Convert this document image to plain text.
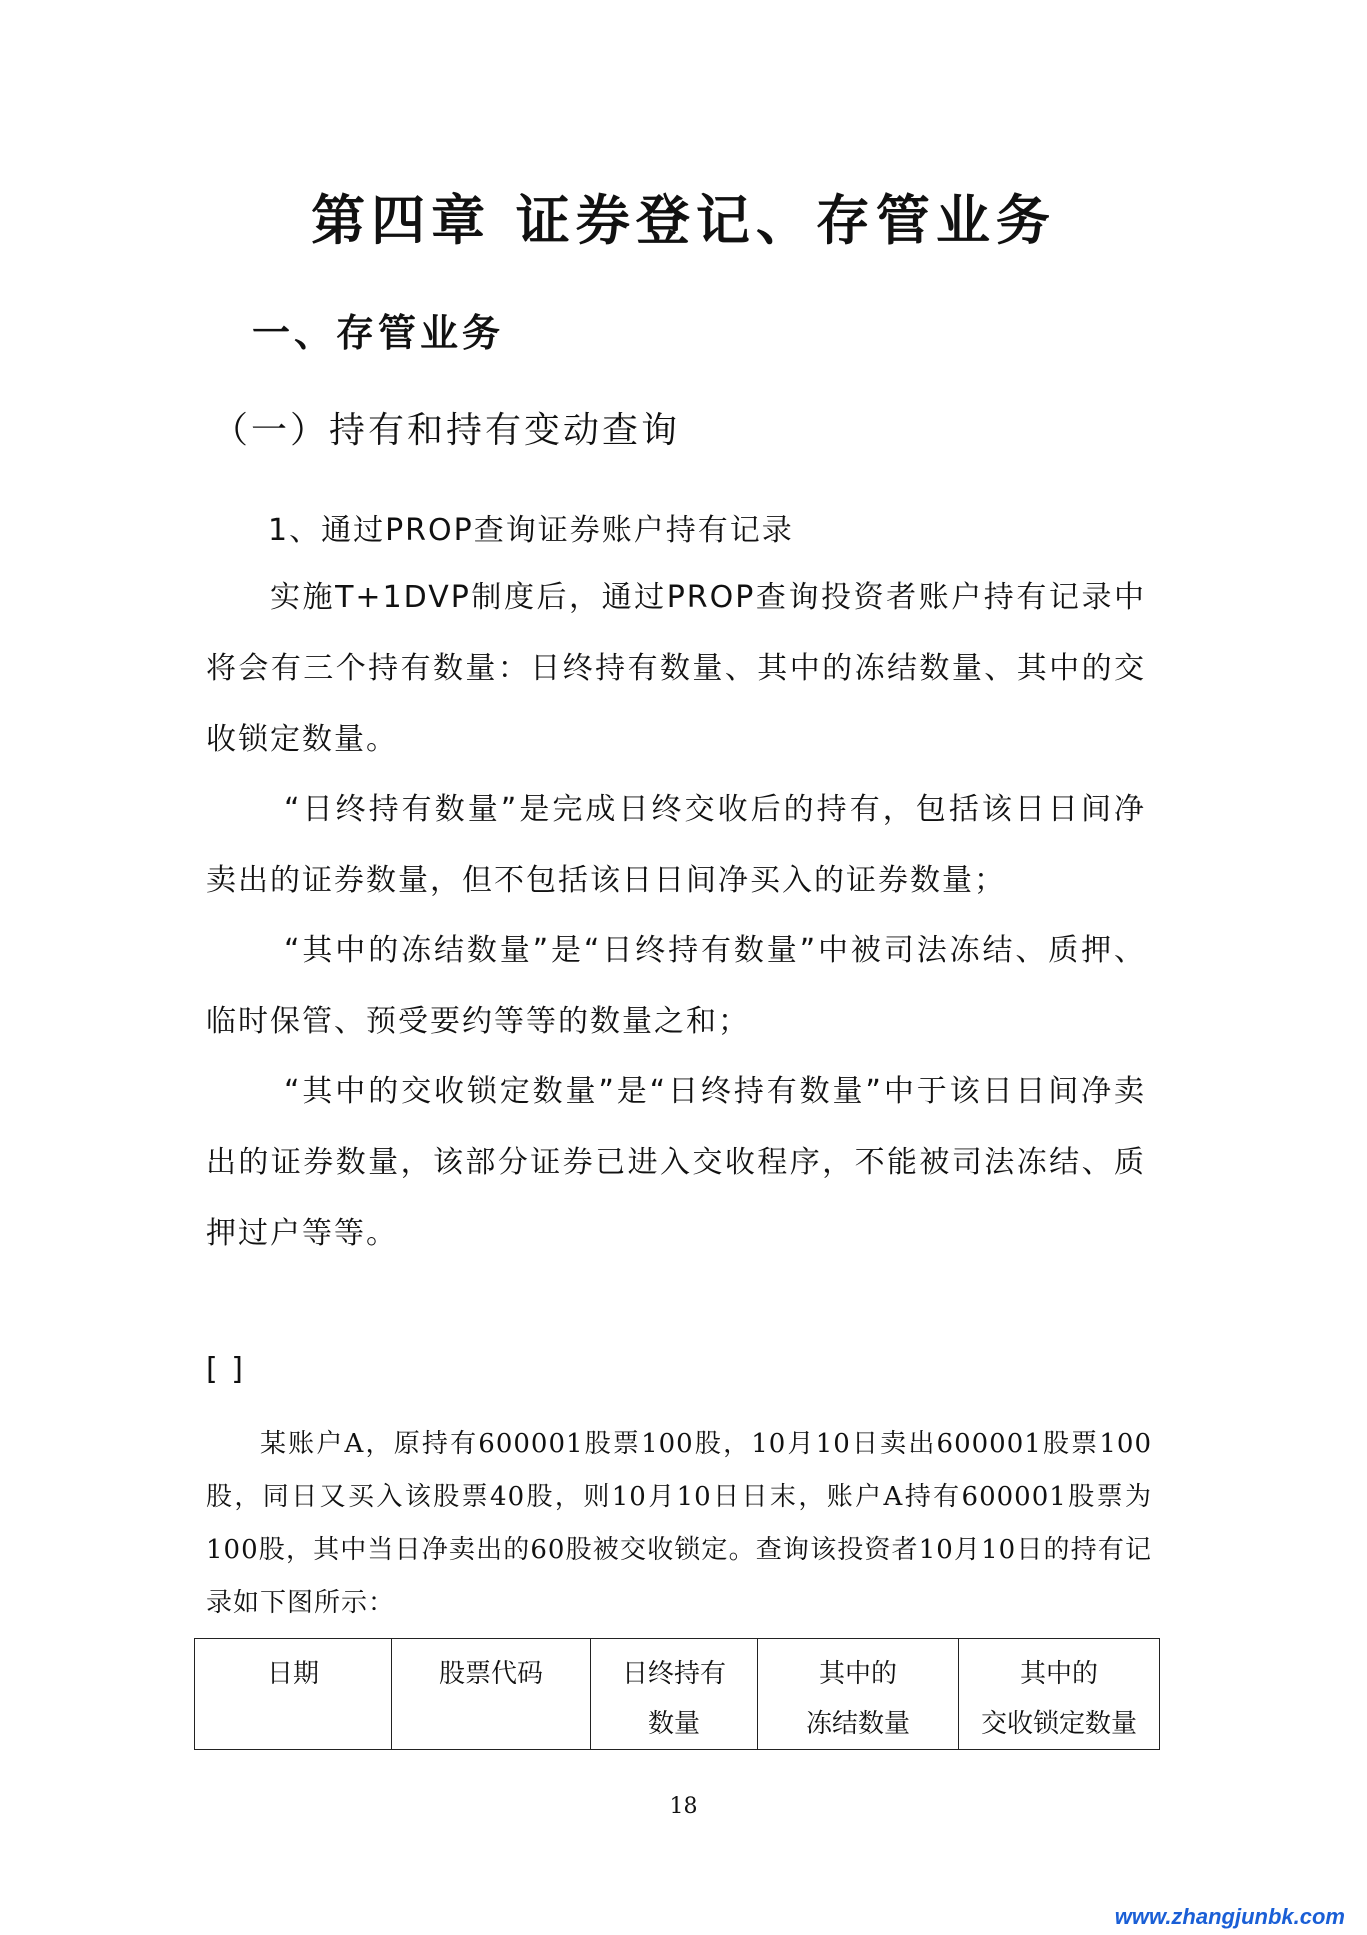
第四章 证券登记、存管业务
一、存管业务
（一）持有和持有变动查询
1、通过PROP查询证券账户持有记录

实施T+1DVP制度后，通过PROP查询投资者账户持有记录中将会有三个持有数量：日终持有数量、其中的冻结数量、其中的交收锁定数量。

“日终持有数量”是完成日终交收后的持有，包括该日日间净卖出的证券数量，但不包括该日日间净买入的证券数量；

“其中的冻结数量”是“日终持有数量”中被司法冻结、质押、临时保管、预受要约等等的数量之和；

“其中的交收锁定数量”是“日终持有数量”中于该日日间净卖出的证券数量，该部分证券已进入交收程序，不能被司法冻结、质押过户等等。

[ ]

某账户A，原持有600001股票100股，10月10日卖出600001股票100股，同日又买入该股票40股，则10月10日日末，账户A持有600001股票为100股，其中当日净卖出的60股被交收锁定。查询该投资者10月10日的持有记录如下图所示：

日期	股票代码	日终持有
数量
	其中的
冻结数量
	其中的
交收锁定数量
18
www.zhangjunbk.com
